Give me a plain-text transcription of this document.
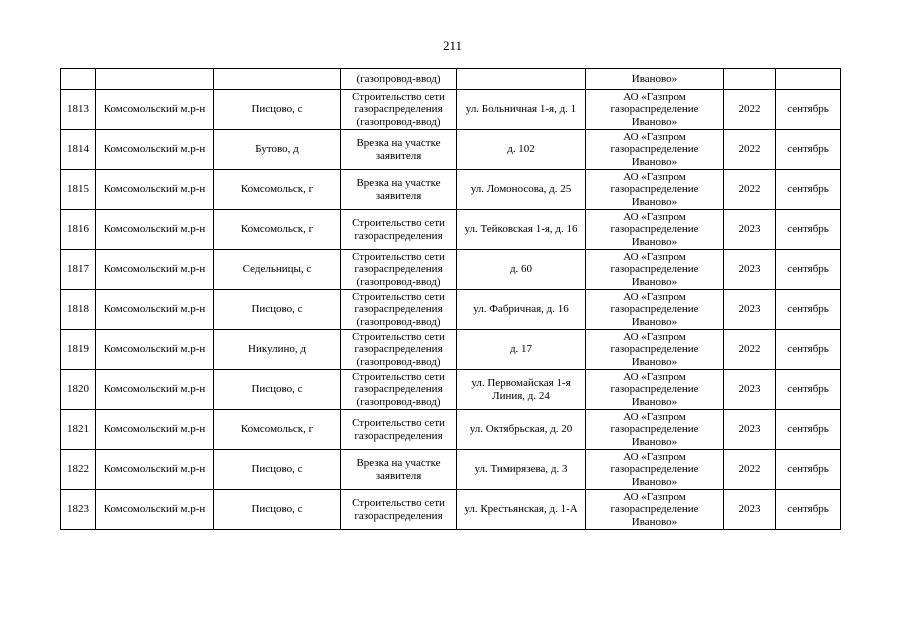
211
			(газопровод-ввод)		Иваново»		
1813	Комсомольский м.р-н	Писцово, с	Строительство сети газораспределения (газопровод-ввод)	ул. Больничная 1-я, д. 1	АО «Газпром газораспределение Иваново»	2022	сентябрь
1814	Комсомольский м.р-н	Бутово, д	Врезка на участке заявителя	д. 102	АО «Газпром газораспределение Иваново»	2022	сентябрь
1815	Комсомольский м.р-н	Комсомольск, г	Врезка на участке заявителя	ул. Ломоносова, д. 25	АО «Газпром газораспределение Иваново»	2022	сентябрь
1816	Комсомольский м.р-н	Комсомольск, г	Строительство сети газораспределения	ул. Тейковская 1-я, д. 16	АО «Газпром газораспределение Иваново»	2023	сентябрь
1817	Комсомольский м.р-н	Седельницы, с	Строительство сети газораспределения (газопровод-ввод)	д. 60	АО «Газпром газораспределение Иваново»	2023	сентябрь
1818	Комсомольский м.р-н	Писцово, с	Строительство сети газораспределения (газопровод-ввод)	ул. Фабричная, д. 16	АО «Газпром газораспределение Иваново»	2023	сентябрь
1819	Комсомольский м.р-н	Никулино, д	Строительство сети газораспределения (газопровод-ввод)	д. 17	АО «Газпром газораспределение Иваново»	2022	сентябрь
1820	Комсомольский м.р-н	Писцово, с	Строительство сети газораспределения (газопровод-ввод)	ул. Первомайская 1-я Линия, д. 24	АО «Газпром газораспределение Иваново»	2023	сентябрь
1821	Комсомольский м.р-н	Комсомольск, г	Строительство сети газораспределения	ул. Октябрьская, д. 20	АО «Газпром газораспределение Иваново»	2023	сентябрь
1822	Комсомольский м.р-н	Писцово, с	Врезка на участке заявителя	ул. Тимирязева, д. 3	АО «Газпром газораспределение Иваново»	2022	сентябрь
1823	Комсомольский м.р-н	Писцово, с	Строительство сети газораспределения	ул. Крестьянская, д. 1-А	АО «Газпром газораспределение Иваново»	2023	сентябрь
